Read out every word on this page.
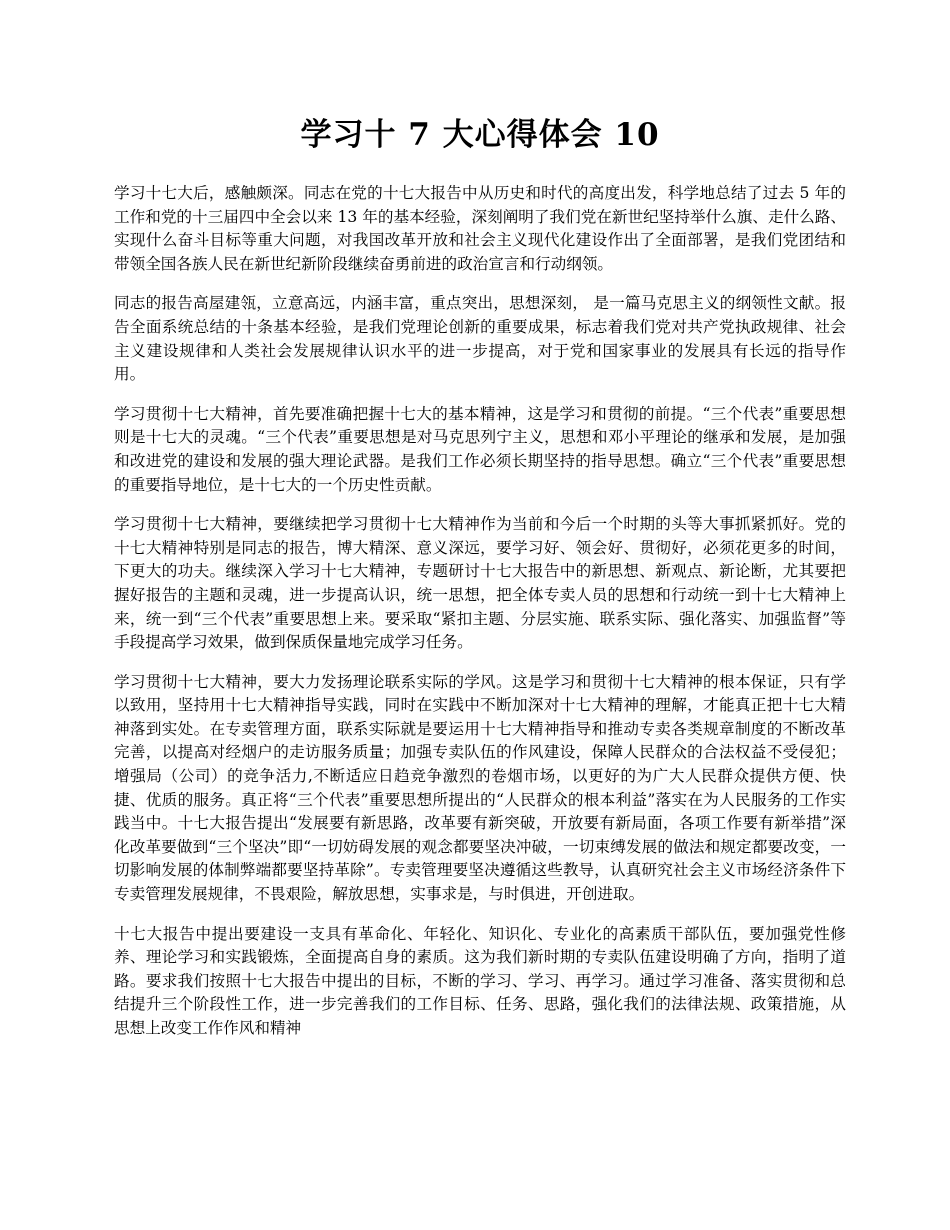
学习十 7 大心得体会 10

学习十七大后，感触颇深。同志在党的十七大报告中从历史和时代的高度出发，科学地总结了过去 5 年的工作和党的十三届四中全会以来 13 年的基本经验，深刻阐明了我们党在新世纪坚持举什么旗、走什么路、实现什么奋斗目标等重大问题，对我国改革开放和社会主义现代化建设作出了全面部署，是我们党团结和带领全国各族人民在新世纪新阶段继续奋勇前进的政治宣言和行动纲领。

同志的报告高屋建瓴，立意高远，内涵丰富，重点突出，思想深刻， 是一篇马克思主义的纲领性文献。报告全面系统总结的十条基本经验，是我们党理论创新的重要成果，标志着我们党对共产党执政规律、社会主义建设规律和人类社会发展规律认识水平的进一步提高，对于党和国家事业的发展具有长远的指导作用。

学习贯彻十七大精神，首先要准确把握十七大的基本精神，这是学习和贯彻的前提。“三个代表”重要思想则是十七大的灵魂。“三个代表”重要思想是对马克思列宁主义，思想和邓小平理论的继承和发展，是加强和改进党的建设和发展的强大理论武器。是我们工作必须长期坚持的指导思想。确立“三个代表”重要思想的重要指导地位，是十七大的一个历史性贡献。

学习贯彻十七大精神，要继续把学习贯彻十七大精神作为当前和今后一个时期的头等大事抓紧抓好。党的十七大精神特别是同志的报告，博大精深、意义深远，要学习好、领会好、贯彻好，必须花更多的时间，下更大的功夫。继续深入学习十七大精神，专题研讨十七大报告中的新思想、新观点、新论断，尤其要把握好报告的主题和灵魂，进一步提高认识，统一思想，把全体专卖人员的思想和行动统一到十七大精神上来，统一到“三个代表”重要思想上来。要采取“紧扣主题、分层实施、联系实际、强化落实、加强监督”等手段提高学习效果，做到保质保量地完成学习任务。

学习贯彻十七大精神，要大力发扬理论联系实际的学风。这是学习和贯彻十七大精神的根本保证，只有学以致用，坚持用十七大精神指导实践，同时在实践中不断加深对十七大精神的理解，才能真正把十七大精神落到实处。在专卖管理方面，联系实际就是要运用十七大精神指导和推动专卖各类规章制度的不断改革完善，以提高对经烟户的走访服务质量；加强专卖队伍的作风建设，保障人民群众的合法权益不受侵犯；增强局（公司）的竞争活力,不断适应日趋竞争激烈的卷烟市场，以更好的为广大人民群众提供方便、快捷、优质的服务。真正将“三个代表”重要思想所提出的“人民群众的根本利益”落实在为人民服务的工作实践当中。十七大报告提出“发展要有新思路，改革要有新突破，开放要有新局面，各项工作要有新举措”深化改革要做到“三个坚决”即“一切妨碍发展的观念都要坚决冲破，一切束缚发展的做法和规定都要改变，一切影响发展的体制弊端都要坚持革除”。专卖管理要坚决遵循这些教导，认真研究社会主义市场经济条件下专卖管理发展规律，不畏艰险，解放思想，实事求是，与时俱进，开创进取。

十七大报告中提出要建设一支具有革命化、年轻化、知识化、专业化的高素质干部队伍，要加强党性修养、理论学习和实践锻炼，全面提高自身的素质。这为我们新时期的专卖队伍建设明确了方向，指明了道路。要求我们按照十七大报告中提出的目标，不断的学习、学习、再学习。通过学习准备、落实贯彻和总结提升三个阶段性工作，进一步完善我们的工作目标、任务、思路，强化我们的法律法规、政策措施，从思想上改变工作作风和精神
